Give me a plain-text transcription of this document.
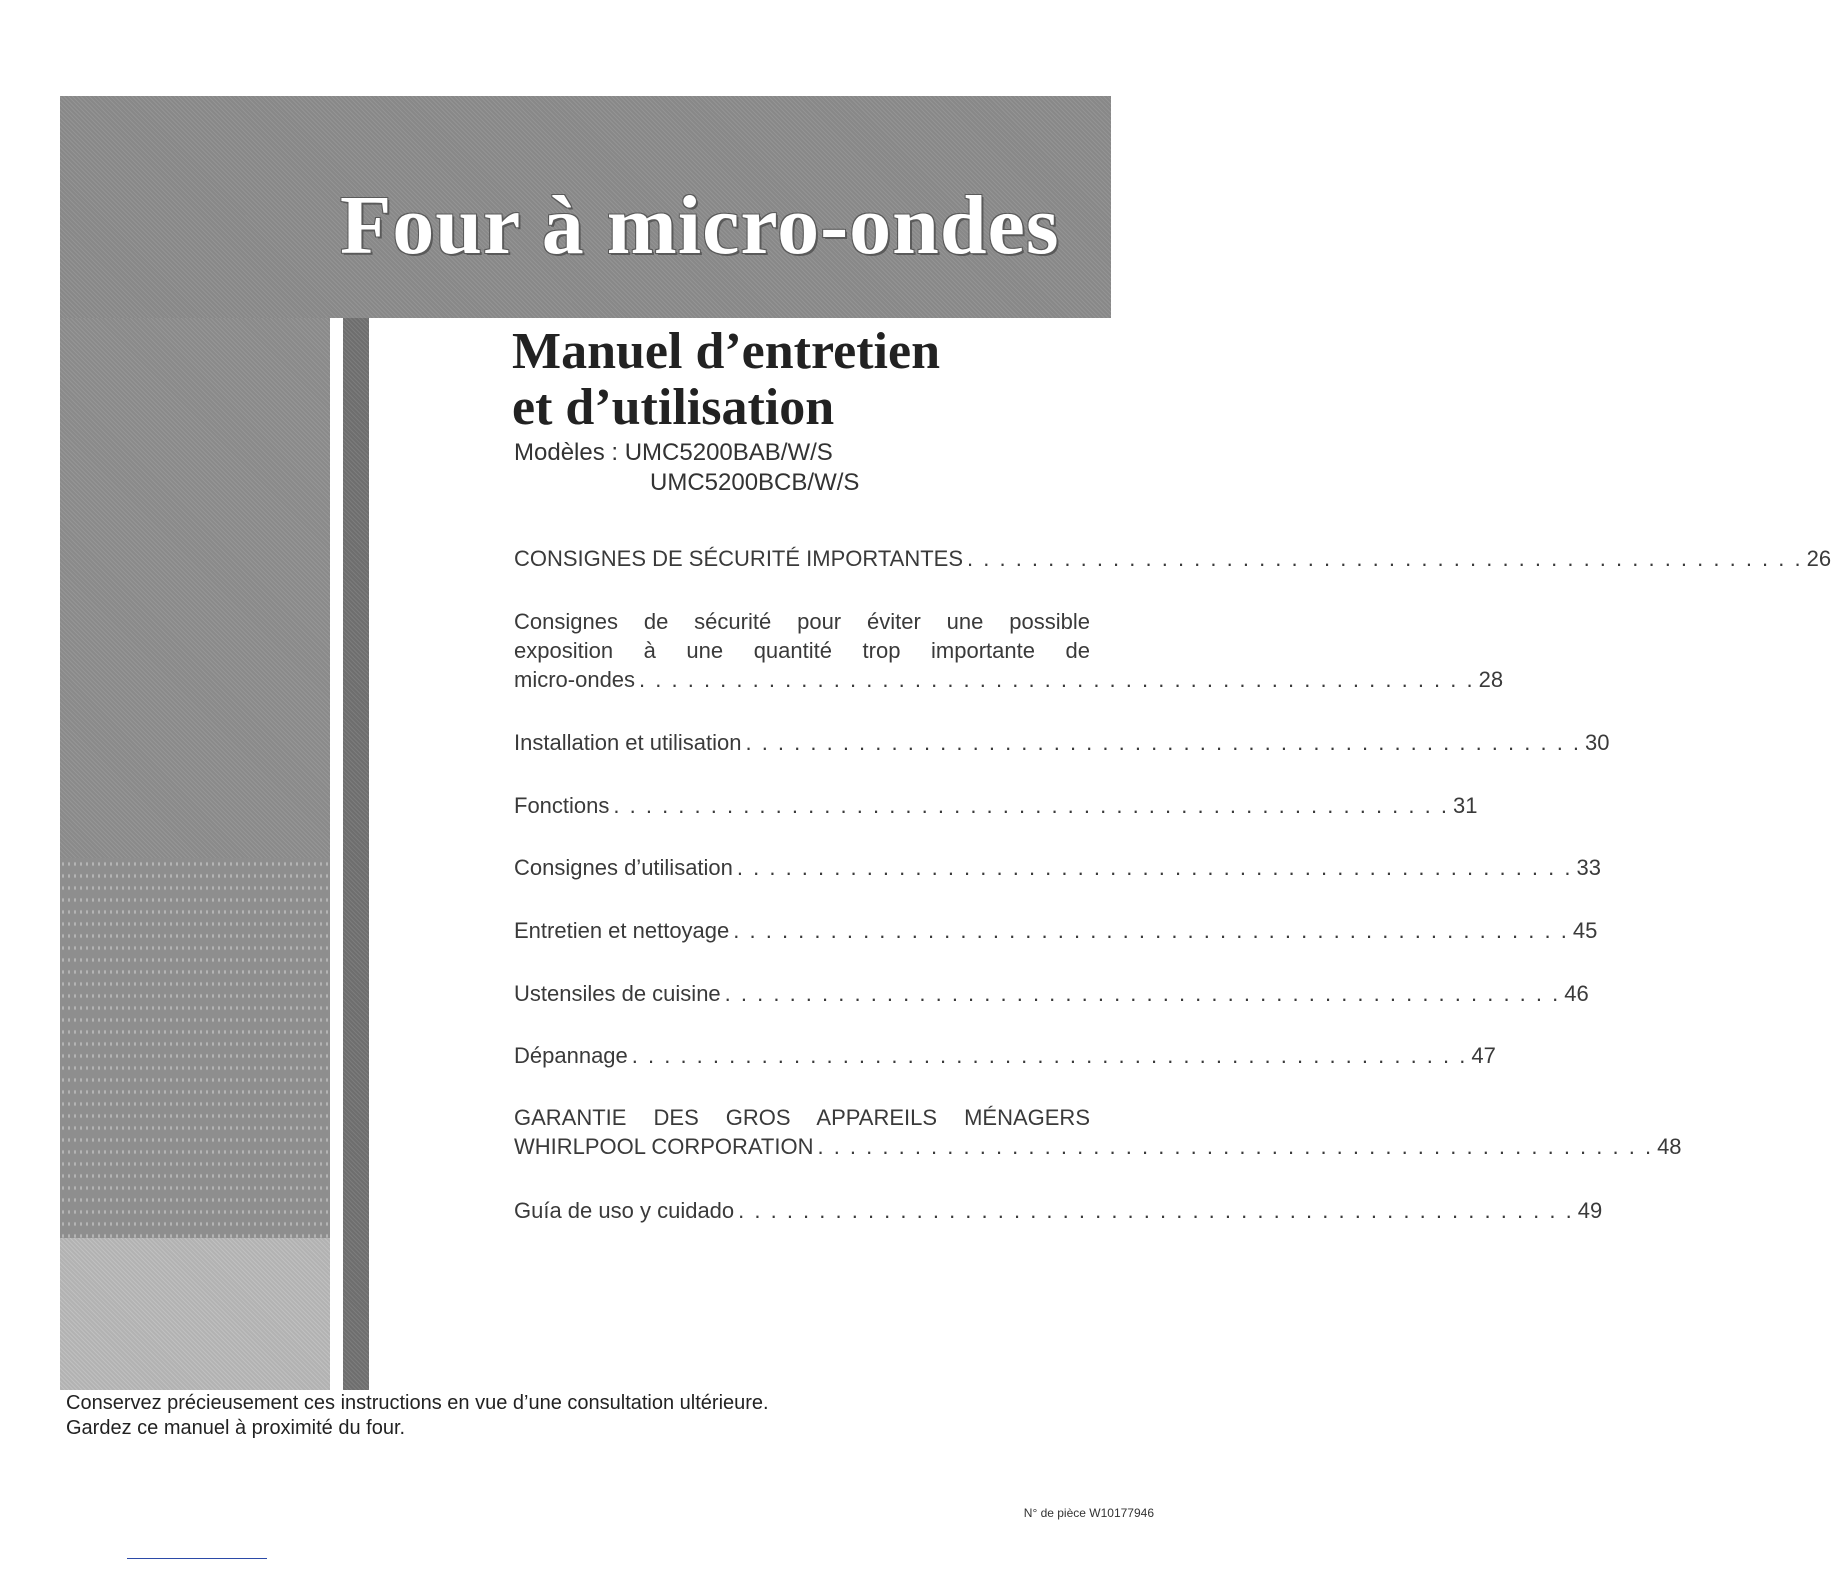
Four à micro-ondes
Manuel d’entretien
et d’utilisation
Modèles : UMC5200BAB/W/S
UMC5200BCB/W/S
CONSIGNES DE SÉCURITÉ IMPORTANTES . . . . . . . . . . . . . . . . . . . . . . . . . . . . . . . . . . . . . . . . . . . . . . . . . . . . 26
Consignes de sécurité pour éviter une possible
exposition à une quantité trop importante de
micro-ondes . . . . . . . . . . . . . . . . . . . . . . . . . . . . . . . . . . . . . . . . . . . . . . . . . . . . 28
Installation et utilisation . . . . . . . . . . . . . . . . . . . . . . . . . . . . . . . . . . . . . . . . . . . . . . . . . . . . 30
Fonctions . . . . . . . . . . . . . . . . . . . . . . . . . . . . . . . . . . . . . . . . . . . . . . . . . . . . 31
Consignes d’utilisation . . . . . . . . . . . . . . . . . . . . . . . . . . . . . . . . . . . . . . . . . . . . . . . . . . . . 33
Entretien et nettoyage . . . . . . . . . . . . . . . . . . . . . . . . . . . . . . . . . . . . . . . . . . . . . . . . . . . . 45
Ustensiles de cuisine . . . . . . . . . . . . . . . . . . . . . . . . . . . . . . . . . . . . . . . . . . . . . . . . . . . . 46
Dépannage . . . . . . . . . . . . . . . . . . . . . . . . . . . . . . . . . . . . . . . . . . . . . . . . . . . . 47
GARANTIE DES GROS APPAREILS MÉNAGERS
WHIRLPOOL CORPORATION . . . . . . . . . . . . . . . . . . . . . . . . . . . . . . . . . . . . . . . . . . . . . . . . . . . . 48
Guía de uso y cuidado . . . . . . . . . . . . . . . . . . . . . . . . . . . . . . . . . . . . . . . . . . . . . . . . . . . . 49
Conservez précieusement ces instructions en vue d’une consultation ultérieure.
Gardez ce manuel à proximité du four.
N° de pièce W10177946
